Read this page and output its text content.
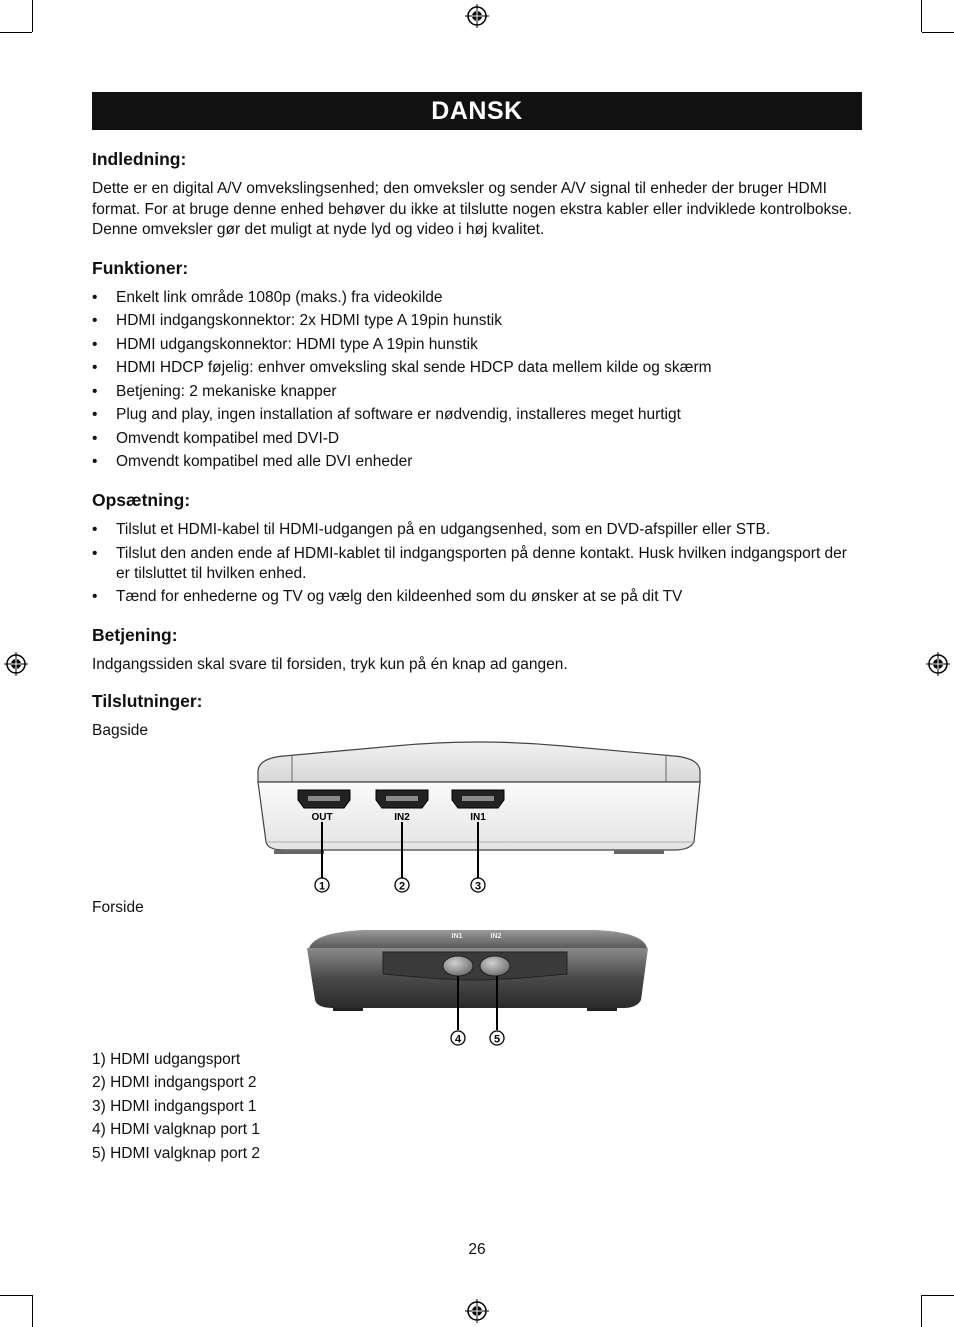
DANSK
Indledning:

Dette er en digital A/V omvekslingsenhed; den omveksler og sender A/V signal til enheder der bruger HDMI format. For at bruge denne enhed behøver du ikke at tilslutte nogen ekstra kabler eller indviklede kontrolbokse. Denne omveksler gør det muligt at nyde lyd og video i høj kvalitet.

Funktioner:
• Enkelt link område 1080p (maks.) fra videokilde
• HDMI indgangskonnektor: 2x HDMI type A 19pin hunstik
• HDMI udgangskonnektor: HDMI type A 19pin hunstik
• HDMI HDCP føjelig: enhver omveksling skal sende HDCP data mellem kilde og skærm
• Betjening: 2 mekaniske knapper
• Plug and play, ingen installation af software er nødvendig, installeres meget hurtigt
• Omvendt kompatibel med DVI-D
• Omvendt kompatibel med alle DVI enheder
Opsætning:
• Tilslut et HDMI-kabel til HDMI-udgangen på en udgangsenhed, som en DVD-afspiller eller STB.
• Tilslut den anden ende af HDMI-kablet til indgangsporten på denne kontakt. Husk hvilken indgangsport der er tilsluttet til hvilken enhed.
• Tænd for enhederne og TV og vælg den kildeenhed som du ønsker at se på dit TV
Betjening:

Indgangssiden skal svare til forsiden, tryk kun på én knap ad gangen.

Tilslutninger:

Bagside

OUT	IN2	IN1
1	2	3

Forside

IN1	IN2
4	5
1) HDMI udgangsport
2) HDMI indgangsport 2
3) HDMI indgangsport 1
4) HDMI valgknap port 1
5) HDMI valgknap port 2
26
